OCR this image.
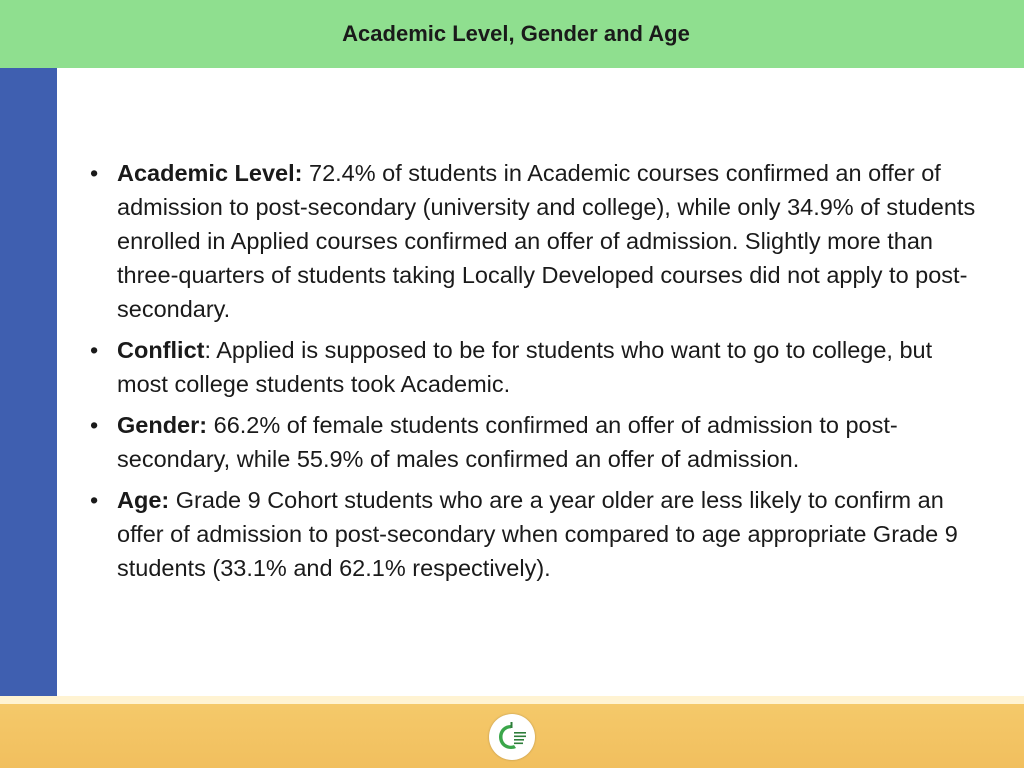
Academic Level, Gender and Age
• Academic Level: 72.4% of students in Academic courses confirmed an offer of admission to post-secondary (university and college), while only 34.9% of students enrolled in Applied courses confirmed an offer of admission. Slightly more than three-quarters of students taking Locally Developed courses did not apply to post-secondary.
• Conflict: Applied is supposed to be for students who want to go to college, but most college students took Academic.
• Gender: 66.2% of female students confirmed an offer of admission to post-secondary, while 55.9% of males confirmed an offer of admission.
• Age: Grade 9 Cohort students who are a year older are less likely to confirm an offer of admission to post-secondary when compared to age appropriate Grade 9 students (33.1% and 62.1% respectively).
